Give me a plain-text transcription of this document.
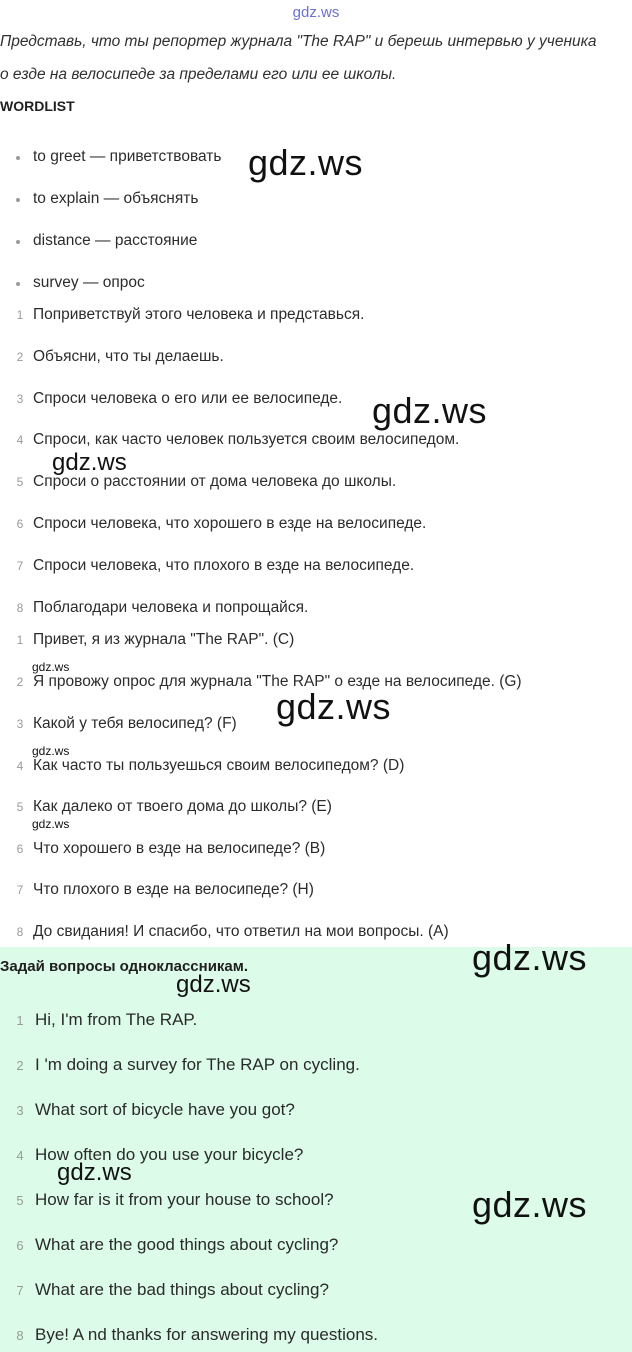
gdz.ws
Представь, что ты репортер журнала "The RAP" и берешь интервью у ученика
о езде на велосипеде за пределами его или ее школы.
WORDLIST
to greet — приветствовать
to explain — объяснять
distance — расстояние
survey — опрос
1 Поприветствуй этого человека и представься.
2 Объясни, что ты делаешь.
3 Спроси человека о его или ее велосипеде.
4 Спроси, как часто человек пользуется своим велосипедом.
5 Спроси о расстоянии от дома человека до школы.
6 Спроси человека, что хорошего в езде на велосипеде.
7 Спроси человека, что плохого в езде на велосипеде.
8 Поблагодари человека и попрощайся.
1 Привет, я из журнала "The RAP". (C)
2 Я провожу опрос для журнала "The RAP" о езде на велосипеде. (G)
3 Какой у тебя велосипед? (F)
4 Как часто ты пользуешься своим велосипедом? (D)
5 Как далеко от твоего дома до школы? (E)
6 Что хорошего в езде на велосипеде? (B)
7 Что плохого в езде на велосипеде? (H)
8 До свидания! И спасибо, что ответил на мои вопросы. (A)
Задай вопросы одноклассникам.
1 Hi, I'm from The RAP.
2 I 'm doing a survey for The RAP on cycling.
3 What sort of bicycle have you got?
4 How often do you use your bicycle?
5 How far is it from your house to school?
6 What are the good things about cycling?
7 What are the bad things about cycling?
8 Bye! A nd thanks for answering my questions.
gdz.ws
gdz.ws
gdz.ws
gdz.ws
gdz.ws
gdz.ws
gdz.ws
gdz.ws
gdz.ws
gdz.ws
gdz.ws
